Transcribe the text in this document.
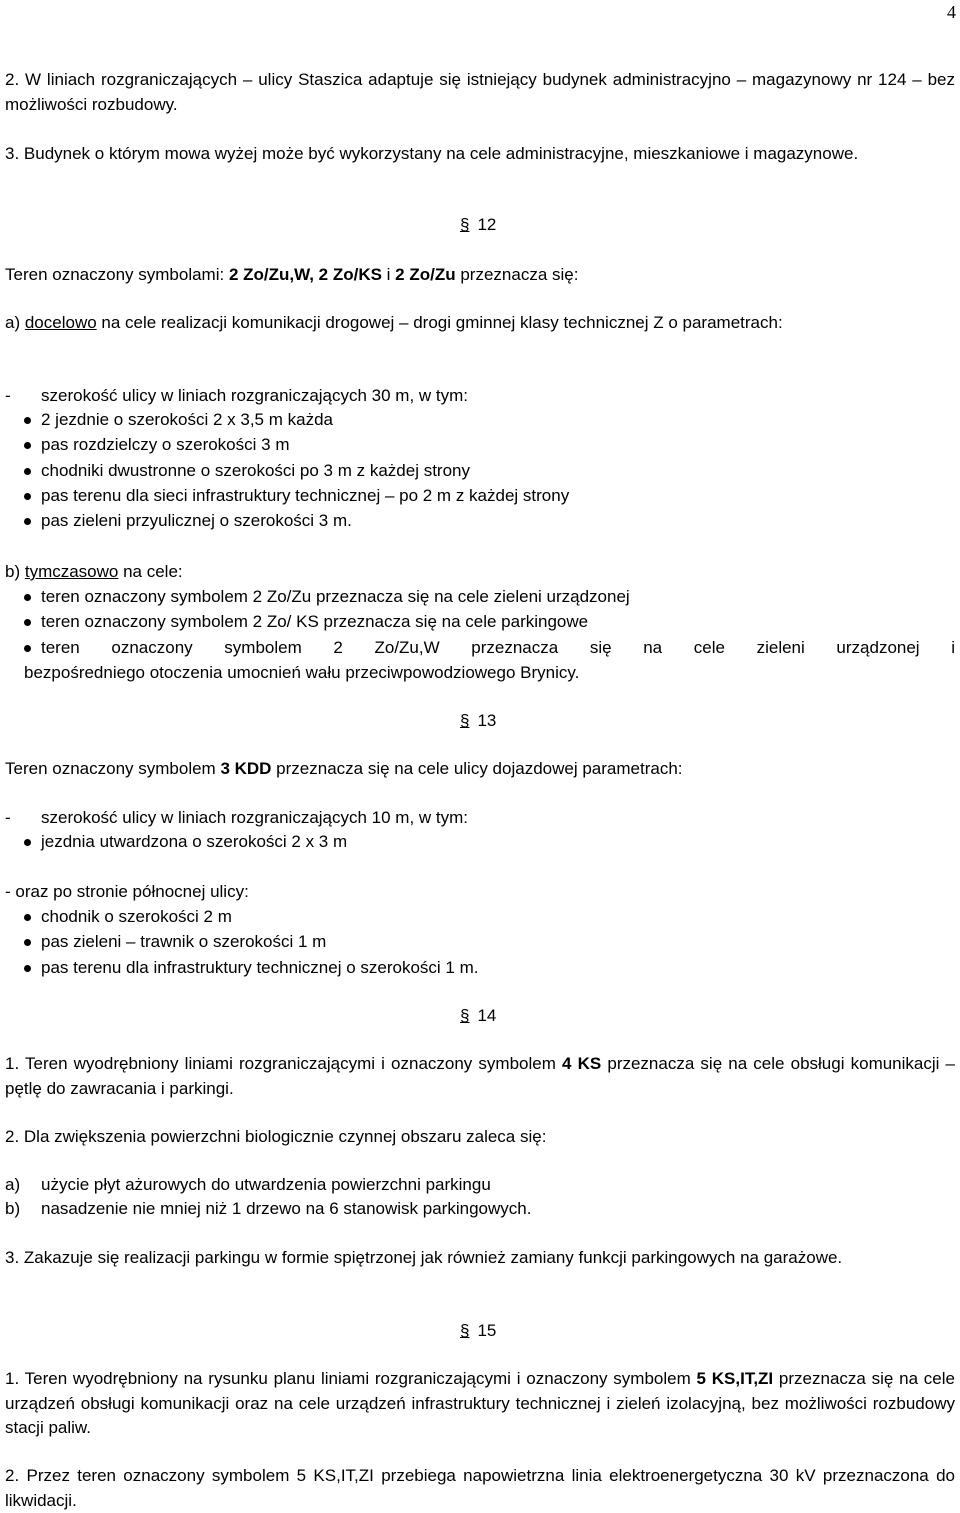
4

2. W liniach rozgraniczających – ulicy Staszica adaptuje się istniejący budynek administracyjno – magazynowy nr 124 – bez możliwości rozbudowy.

3. Budynek o którym mowa wyżej może być wykorzystany na cele administracyjne, mieszkaniowe i magazynowe.

§ 12

Teren oznaczony symbolami: 2 Zo/Zu,W, 2 Zo/KS i 2 Zo/Zu przeznacza się:

a) docelowo na cele realizacji komunikacji drogowej – drogi gminnej klasy technicznej Z o parametrach:

- szerokość ulicy w liniach rozgraniczających 30 m, w tym:
2 jezdnie o szerokości 2 x 3,5 m każda
pas rozdzielczy o szerokości 3 m
chodniki dwustronne o szerokości po 3 m z każdej strony
pas terenu dla sieci infrastruktury technicznej – po 2 m z każdej strony
pas zieleni przyulicznej o szerokości 3 m.

b) tymczasowo na cele:

teren oznaczony symbolem 2 Zo/Zu przeznacza się na cele zieleni urządzonej
teren oznaczony symbolem 2 Zo/ KS przeznacza się na cele parkingowe
teren oznaczony symbolem 2 Zo/Zu,W przeznacza się na cele zieleni urządzonej i
bezpośredniego otoczenia umocnień wału przeciwpowodziowego Brynicy.
§ 13

Teren oznaczony symbolem 3 KDD przeznacza się na cele ulicy dojazdowej parametrach:

- szerokość ulicy w liniach rozgraniczających 10 m, w tym:
jezdnia utwardzona o szerokości 2 x 3 m

- oraz po stronie północnej ulicy:

chodnik o szerokości 2 m
pas zieleni – trawnik o szerokości 1 m
pas terenu dla infrastruktury technicznej o szerokości 1 m.
§ 14

1. Teren wyodrębniony liniami rozgraniczającymi i oznaczony symbolem 4 KS przeznacza się na cele obsługi komunikacji – pętlę do zawracania i parkingi.

2. Dla zwiększenia powierzchni biologicznie czynnej obszaru zaleca się:

a) użycie płyt ażurowych do utwardzenia powierzchni parkingu
b) nasadzenie nie mniej niż 1 drzewo na 6 stanowisk parkingowych.

3. Zakazuje się realizacji parkingu w formie spiętrzonej jak również zamiany funkcji parkingowych na garażowe.

§ 15

1. Teren wyodrębniony na rysunku planu liniami rozgraniczającymi i oznaczony symbolem 5 KS,IT,ZI przeznacza się na cele urządzeń obsługi komunikacji oraz na cele urządzeń infrastruktury technicznej i zieleń izolacyjną, bez możliwości rozbudowy stacji paliw.

2. Przez teren oznaczony symbolem 5 KS,IT,ZI przebiega napowietrzna linia elektroenergetyczna 30 kV przeznaczona do likwidacji.
